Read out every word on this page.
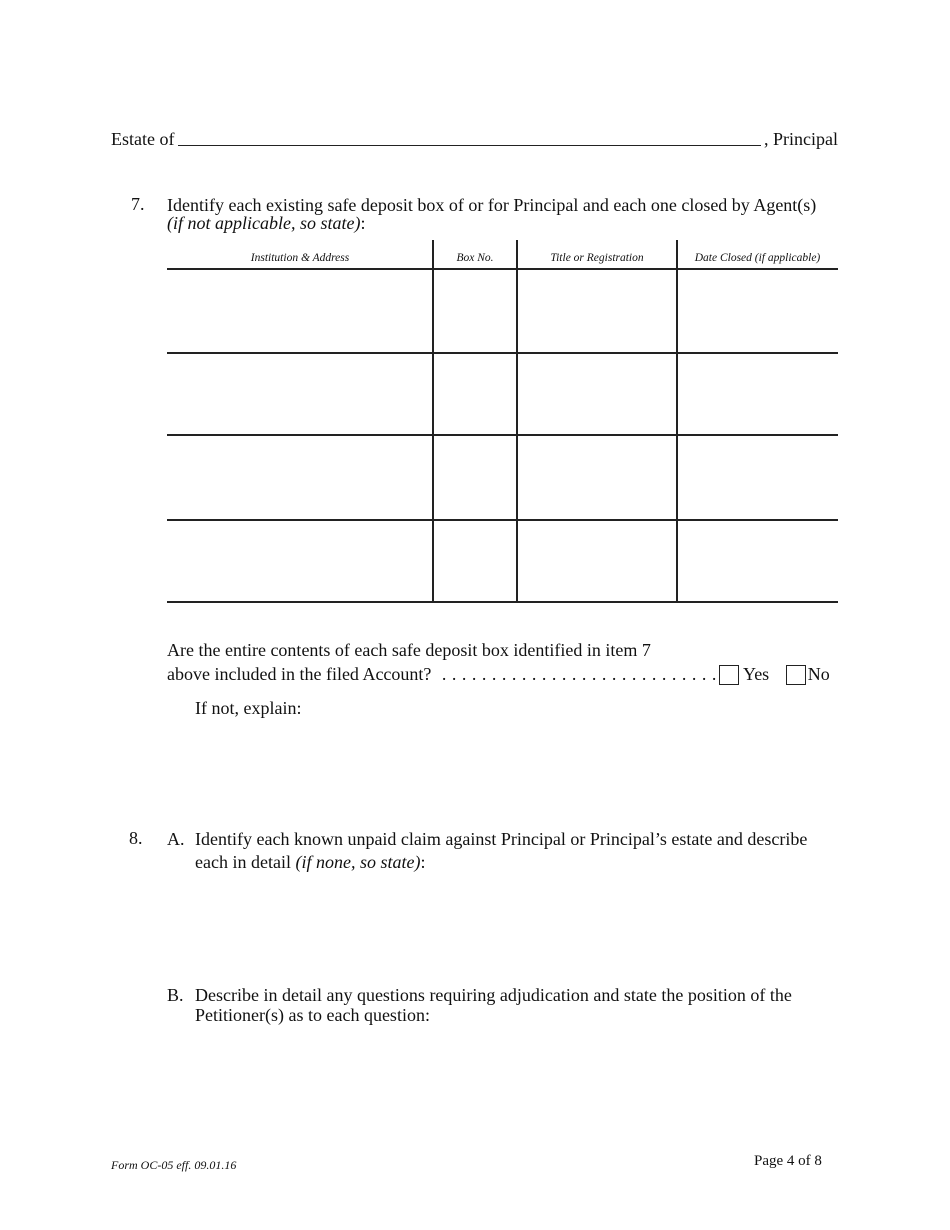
Estate of	, Principal
7. Identify each existing safe deposit box of or for Principal and each one closed by Agent(s)
(if not applicable, so state):
Institution & Address	Box No.	Title or Registration	Date Closed (if applicable)
Are the entire contents of each safe deposit box identified in item 7
above included in the filed Account? . . . . . . . . . . . . . . . . . . . . . . . . . . . .	Yes No
If not, explain:
8. A. Identify each known unpaid claim against Principal or Principal’s estate and describe
each in detail (if none, so state):
B. Describe in detail any questions requiring adjudication and state the position of the
Petitioner(s) as to each question:
Form OC-05 eff. 09.01.16	Page 4 of 8
